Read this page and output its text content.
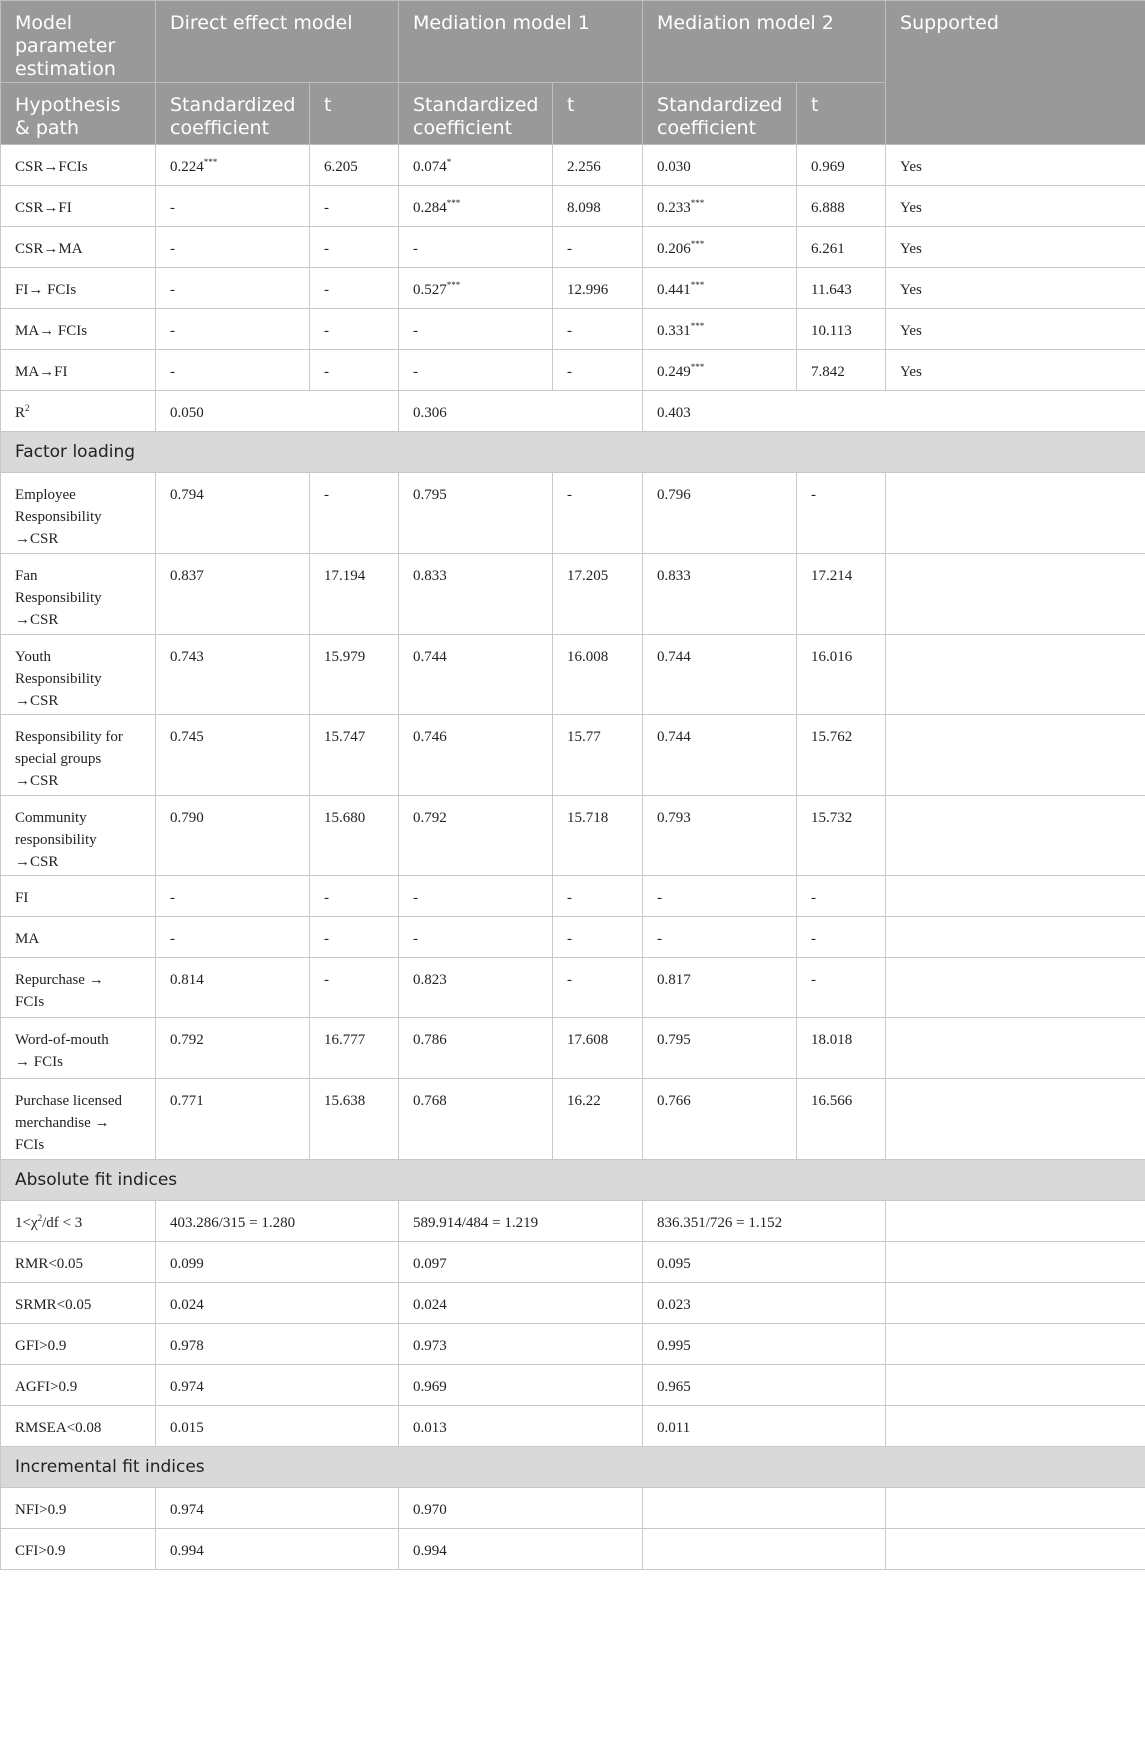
Model parameter estimation	Direct effect model		Mediation model 1		Mediation model 2		Supported
Hypothesis & path	Standardized coefficient	t	Standardized coefficient	t	Standardized coefficient	t	
CSR→FCIs	0.224***	6.205	0.074*	2.256	0.030	0.969	Yes
CSR→FI	-	-	0.284***	8.098	0.233***	6.888	Yes
CSR→MA	-	-	-	-	0.206***	6.261	Yes
FI→ FCIs	-	-	0.527***	12.996	0.441***	11.643	Yes
MA→ FCIs	-	-	-	-	0.331***	10.113	Yes
MA→FI	-	-	-	-	0.249***	7.842	Yes
$R^2$	0.050		0.306		0.403		
Factor loading							

Employee
Responsibility
→CSR	0.794	-	0.795	-	0.796	-	

Fan
Responsibility
→CSR	0.837	17.194	0.833	17.205	0.833	17.214	

Youth
Responsibility
→CSR	0.743	15.979	0.744	16.008	0.744	16.016	

Responsibility for
special groups
→CSR	0.745	15.747	0.746	15.77	0.744	15.762	

Community
responsibility
→CSR	0.790	15.680	0.792	15.718	0.793	15.732	

FI	-	-	-	-	-	-	

MA	-	-	-	-	-	-	

Repurchase →
FCIs	0.814	-	0.823	-	0.817	-	

Word-of-mouth
→ FCIs	0.792	16.777	0.786	17.608	0.795	18.018	

Purchase licensed
merchandise →
FCIs	0.771	15.638	0.768	16.22	0.766	16.566	
Absolute fit indices							
$1<\chi^2/df < 3$	403.286/315 = 1.280		589.914/484 = 1.219		836.351/726 = 1.152		
RMR<0.05	0.099		0.097		0.095		
SRMR<0.05	0.024		0.024		0.023		
GFI>0.9	0.978		0.973		0.995		
AGFI>0.9	0.974		0.969		0.965		
RMSEA<0.08	0.015		0.013		0.011		
Incremental fit indices							
NFI>0.9	0.974		0.970				
CFI>0.9	0.994		0.994				
